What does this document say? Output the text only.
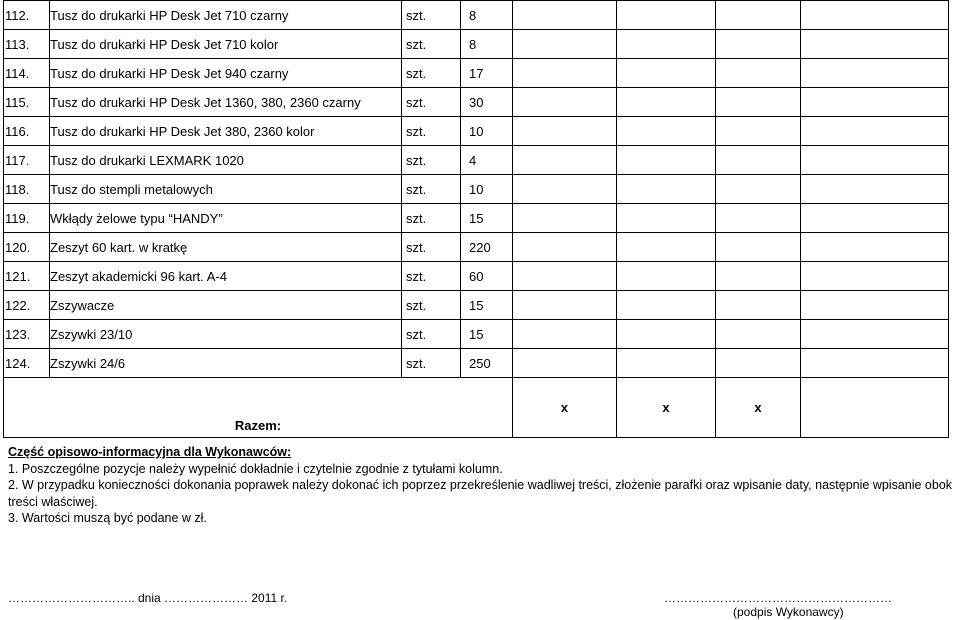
112.	Tusz do drukarki HP Desk Jet 710 czarny	szt.	8				
113.	Tusz do drukarki HP Desk Jet 710 kolor	szt.	8				
114.	Tusz do drukarki HP Desk Jet 940 czarny	szt.	17				
115.	Tusz do drukarki HP Desk Jet 1360, 380, 2360 czarny	szt.	30				
116.	Tusz do drukarki HP Desk Jet 380, 2360 kolor	szt.	10				
117.	Tusz do drukarki LEXMARK 1020	szt.	4				
118.	Tusz do stempli metalowych	szt.	10				
119.	Wkłądy żelowe typu “HANDY”	szt.	15				
120.	Zeszyt 60 kart. w kratkę	szt.	220				
121.	Zeszyt akademicki 96 kart. A-4	szt.	60				
122.	Zszywacze	szt.	15				
123.	Zszywki 23/10	szt.	15				
124.	Zszywki 24/6	szt.	250				
Razem:				x	x	x	

Część opisowo-informacyjna dla Wykonawców:

1. Poszczególne pozycje należy wypełnić dokładnie i czytelnie zgodnie z tytułami kolumn.

2. W przypadku konieczności dokonania poprawek należy dokonać ich poprzez przekreślenie wadliwej treści, złożenie parafki oraz wpisanie daty, następnie wpisanie obok treści właściwej.

3. Wartości muszą być podane w zł.

………………………….. dnia ………………… 2011 r.	…………………………………………………
(podpis Wykonawcy)
